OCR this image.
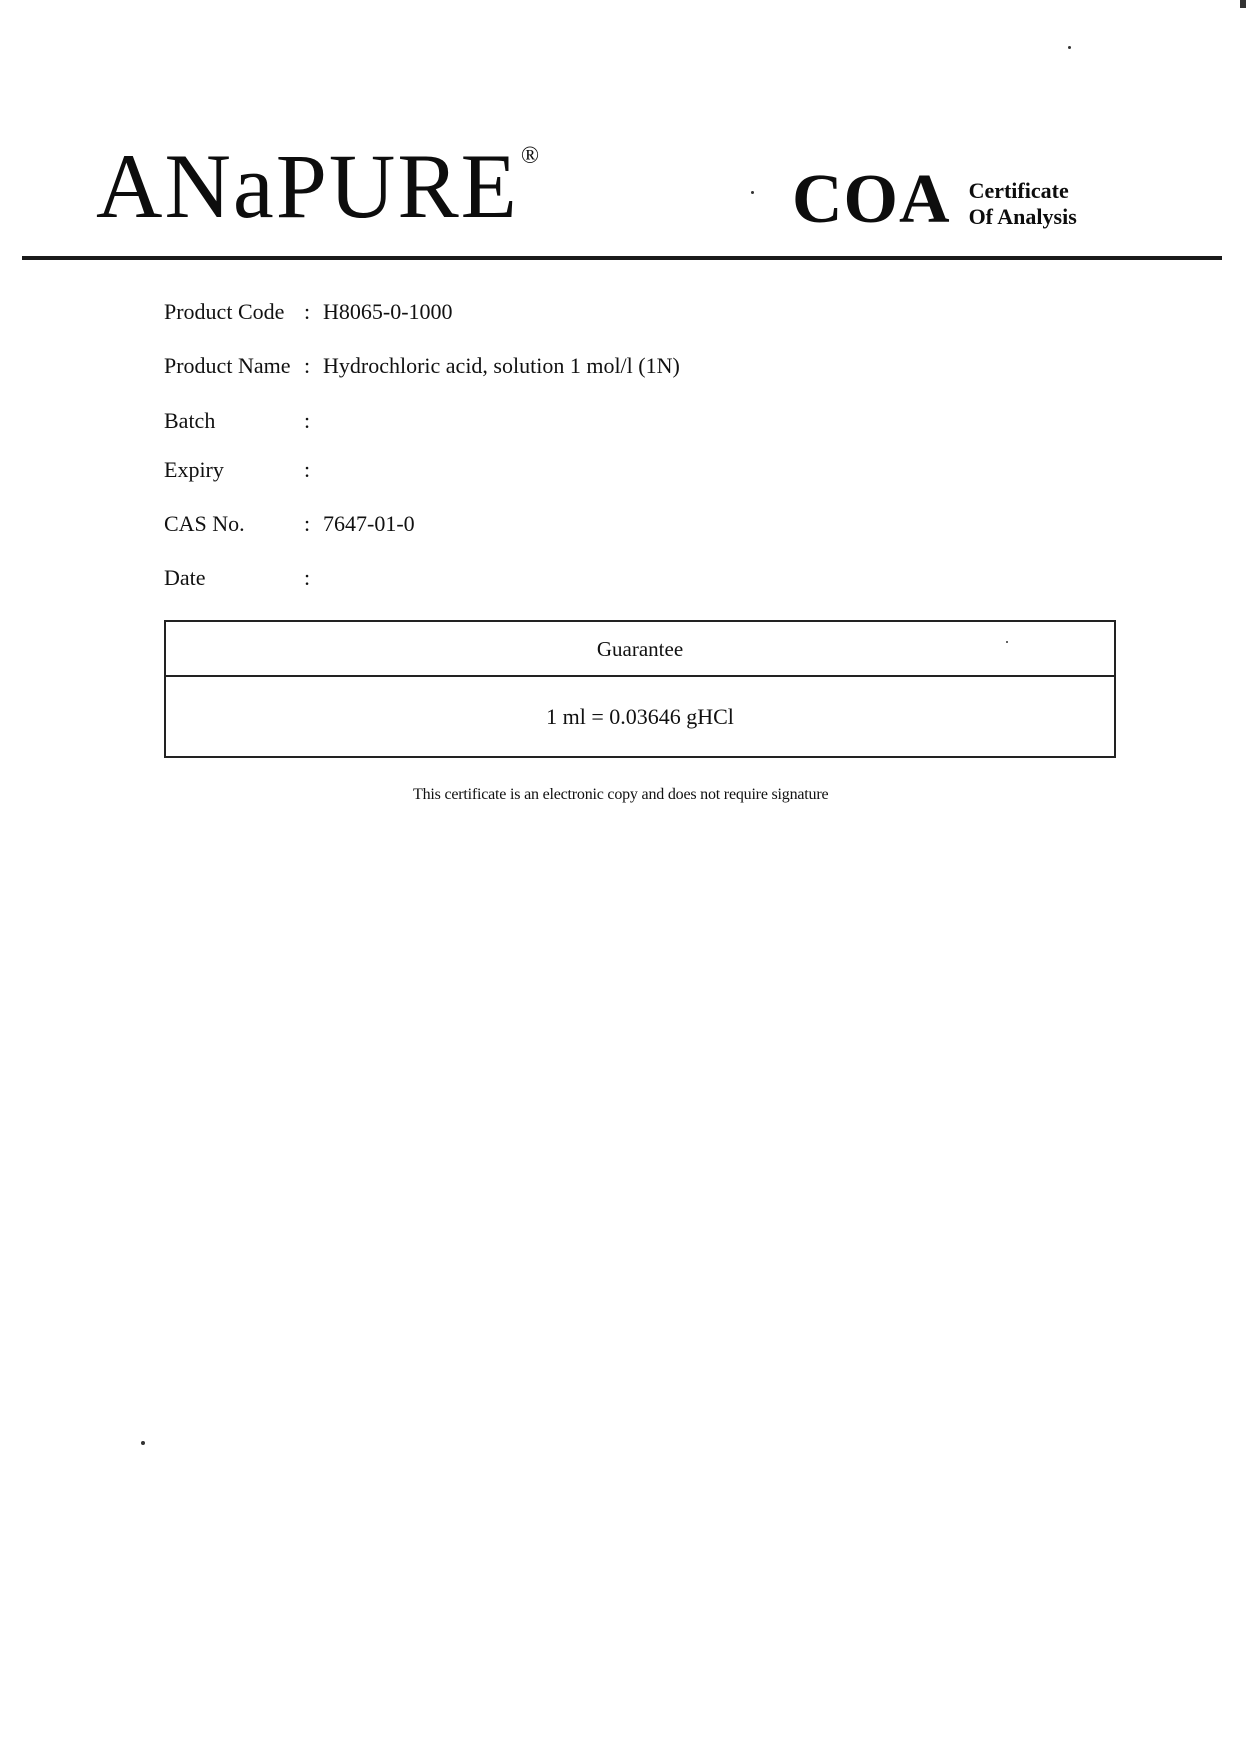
ANaPURE®
COA Certificate
Of Analysis
Product Code : H8065-0-1000
Product Name : Hydrochloric acid, solution 1 mol/l (1N)
Batch	:
Expiry	:
CAS No.	: 7647-01-0
Date	:
Guarantee
1 ml = 0.03646 gHCl
This certificate is an electronic copy and does not require signature
